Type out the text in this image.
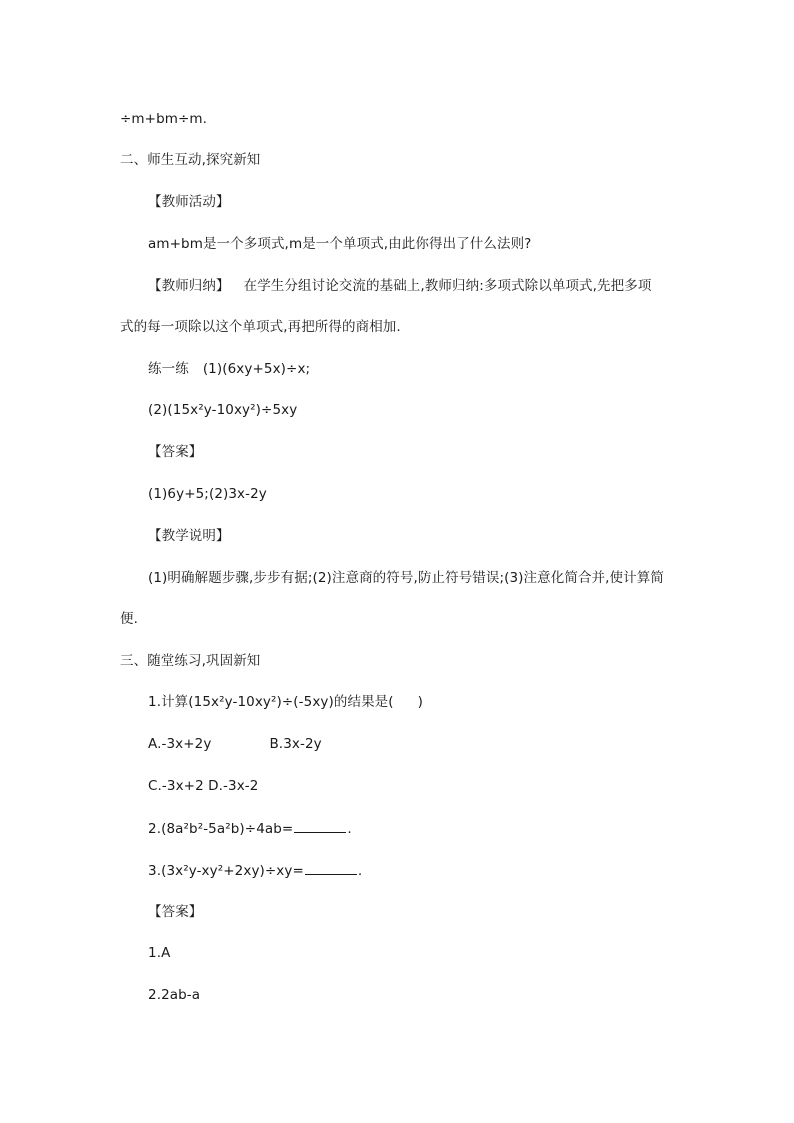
÷m+bm÷m.
二、师生互动,探究新知
【教师活动】
am+bm是一个多项式,m是一个单项式,由此你得出了什么法则?
【教师归纳】 在学生分组讨论交流的基础上,教师归纳:多项式除以单项式,先把多项
式的每一项除以这个单项式,再把所得的商相加.
练一练 (1)(6xy+5x)÷x;
(2)(15x²y-10xy²)÷5xy
【答案】
(1)6y+5;(2)3x-2y
【教学说明】
(1)明确解题步骤,步步有据;(2)注意商的符号,防止符号错误;(3)注意化简合并,使计算简
便.
三、随堂练习,巩固新知
1.计算(15x²y-10xy²)÷(-5xy)的结果是( )
A.-3x+2y	B.3x-2y
C.-3x+2 D.-3x-2
2.(8a²b²-5a²b)÷4ab=	.
3.(3x²y-xy²+2xy)÷xy=	.
【答案】
1.A
2.2ab-a
